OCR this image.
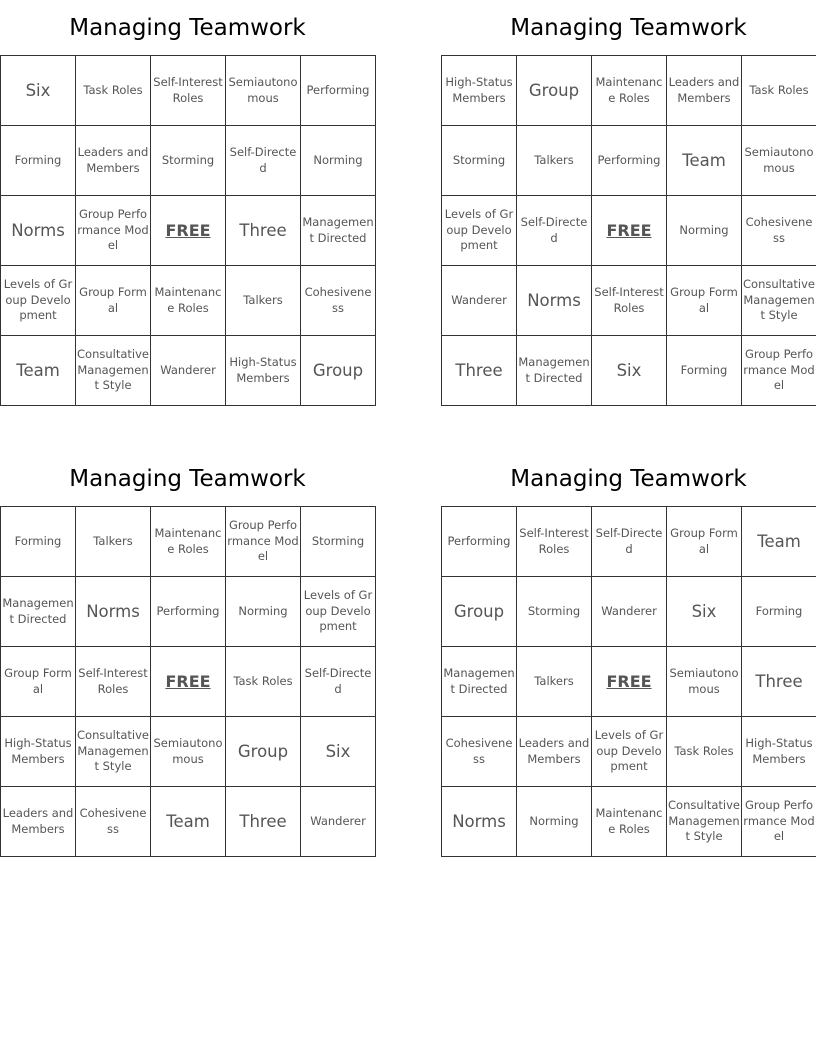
Managing Teamwork
Six	Task Roles	Self-Interest Roles	Semiautonomous	Performing
Forming	Leaders and Members	Storming	Self-Directed	Norming
Norms	Group Performance Model	FREE	Three	Management Directed
Levels of Group Development	Group Formal	Maintenance Roles	Talkers	Cohesiveness
Team	Consultative Management Style	Wanderer	High-Status Members	Group
Managing Teamwork
High-Status Members	Group	Maintenance Roles	Leaders and Members	Task Roles
Storming	Talkers	Performing	Team	Semiautonomous
Levels of Group Development	Self-Directed	FREE	Norming	Cohesiveness
Wanderer	Norms	Self-Interest Roles	Group Formal	Consultative Management Style
Three	Management Directed	Six	Forming	Group Performance Model
Managing Teamwork
Forming	Talkers	Maintenance Roles	Group Performance Model	Storming
Management Directed	Norms	Performing	Norming	Levels of Group Development
Group Formal	Self-Interest Roles	FREE	Task Roles	Self-Directed
High-Status Members	Consultative Management Style	Semiautonomous	Group	Six
Leaders and Members	Cohesiveness	Team	Three	Wanderer
Managing Teamwork
Performing	Self-Interest Roles	Self-Directed	Group Formal	Team
Group	Storming	Wanderer	Six	Forming
Management Directed	Talkers	FREE	Semiautonomous	Three
Cohesiveness	Leaders and Members	Levels of Group Development	Task Roles	High-Status Members
Norms	Norming	Maintenance Roles	Consultative Management Style	Group Performance Model
